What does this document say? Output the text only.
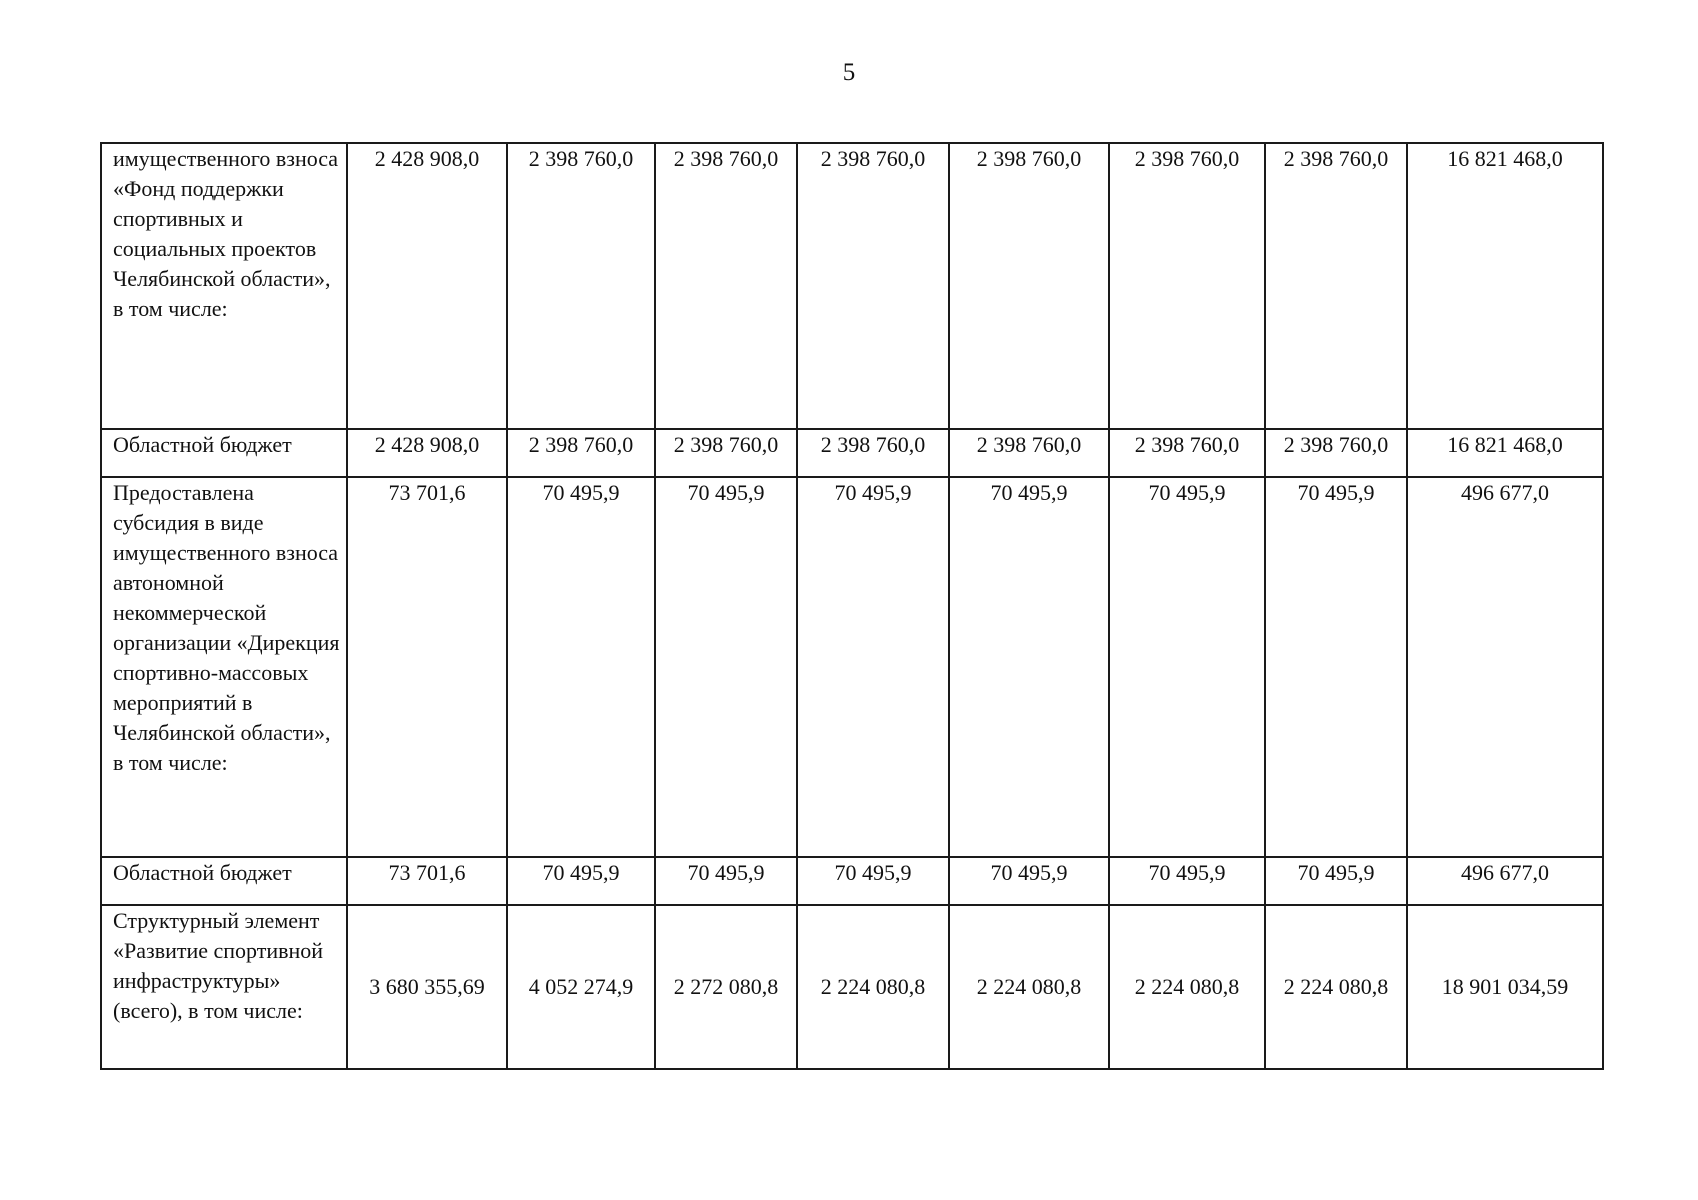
5
имущественного взноса «Фонд поддержки спортивных и социальных проектов Челябинской области», в том числе:	2 428 908,0	2 398 760,0	2 398 760,0	2 398 760,0	2 398 760,0	2 398 760,0	2 398 760,0	16 821 468,0
Областной бюджет	2 428 908,0	2 398 760,0	2 398 760,0	2 398 760,0	2 398 760,0	2 398 760,0	2 398 760,0	16 821 468,0
Предоставлена субсидия в виде имущественного взноса автономной некоммерческой организации «Дирекция спортивно-массовых мероприятий в Челябинской области», в том числе:	73 701,6	70 495,9	70 495,9	70 495,9	70 495,9	70 495,9	70 495,9	496 677,0
Областной бюджет	73 701,6	70 495,9	70 495,9	70 495,9	70 495,9	70 495,9	70 495,9	496 677,0
Структурный элемент «Развитие спортивной инфраструктуры» (всего), в том числе:	3 680 355,69	4 052 274,9	2 272 080,8	2 224 080,8	2 224 080,8	2 224 080,8	2 224 080,8	18 901 034,59
